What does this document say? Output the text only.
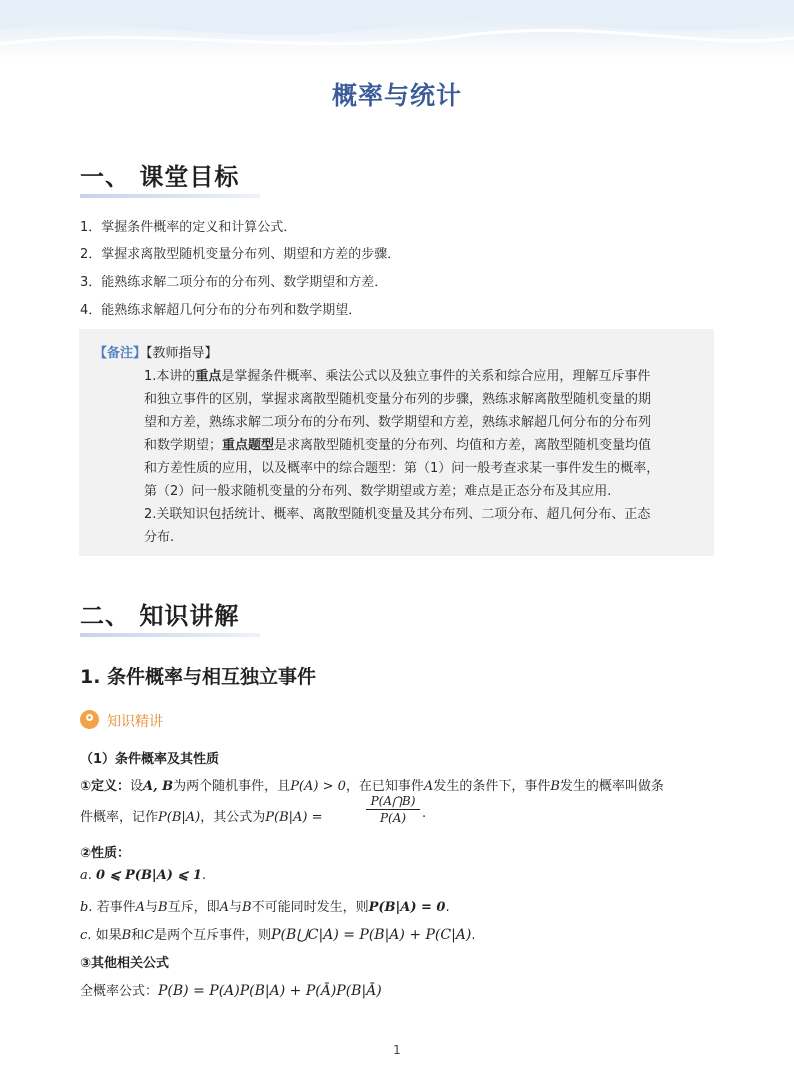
概率与统计
一、 课堂目标
1．掌握条件概率的定义和计算公式．
2．掌握求离散型随机变量分布列、期望和方差的步骤．
3．能熟练求解二项分布的分布列、数学期望和方差．
4．能熟练求解超几何分布的分布列和数学期望．
【备注】【教师指导】
1.本讲的重点是掌握条件概率、乘法公式以及独立事件的关系和综合应用，理解互斥事件
和独立事件的区别，掌握求离散型随机变量分布列的步骤，熟练求解离散型随机变量的期
望和方差，熟练求解二项分布的分布列、数学期望和方差，熟练求解超几何分布的分布列
和数学期望；重点题型是求离散型随机变量的分布列、均值和方差，离散型随机变量均值
和方差性质的应用，以及概率中的综合题型：第（1）问一般考查求某一事件发生的概率，
第（2）问一般求随机变量的分布列、数学期望或方差；难点是正态分布及其应用.
2.关联知识包括统计、概率、离散型随机变量及其分布列、二项分布、超几何分布、正态
分布.
二、 知识讲解
1. 条件概率与相互独立事件
知识精讲
（1）条件概率及其性质
①定义：设A, B为两个随机事件，且P(A) > 0，在已知事件A发生的条件下，事件B发生的概率叫做条
件概率，记作P(B|A)，其公式为P(B|A) =	$\frac{P(A⋂B)}{P(A)}$ .
②性质：
a. 0 ⩽ P(B|A) ⩽ 1.
b. 若事件A与B互斥，即A与B不可能同时发生，则P(B|A) = 0.
c. 如果B和C是两个互斥事件，则P(B⋃C|A) = P(B|A) + P(C|A).
③其他相关公式
全概率公式：P(B) = P(A)P(B|A) + P(Ā)P(B|Ā)
1
